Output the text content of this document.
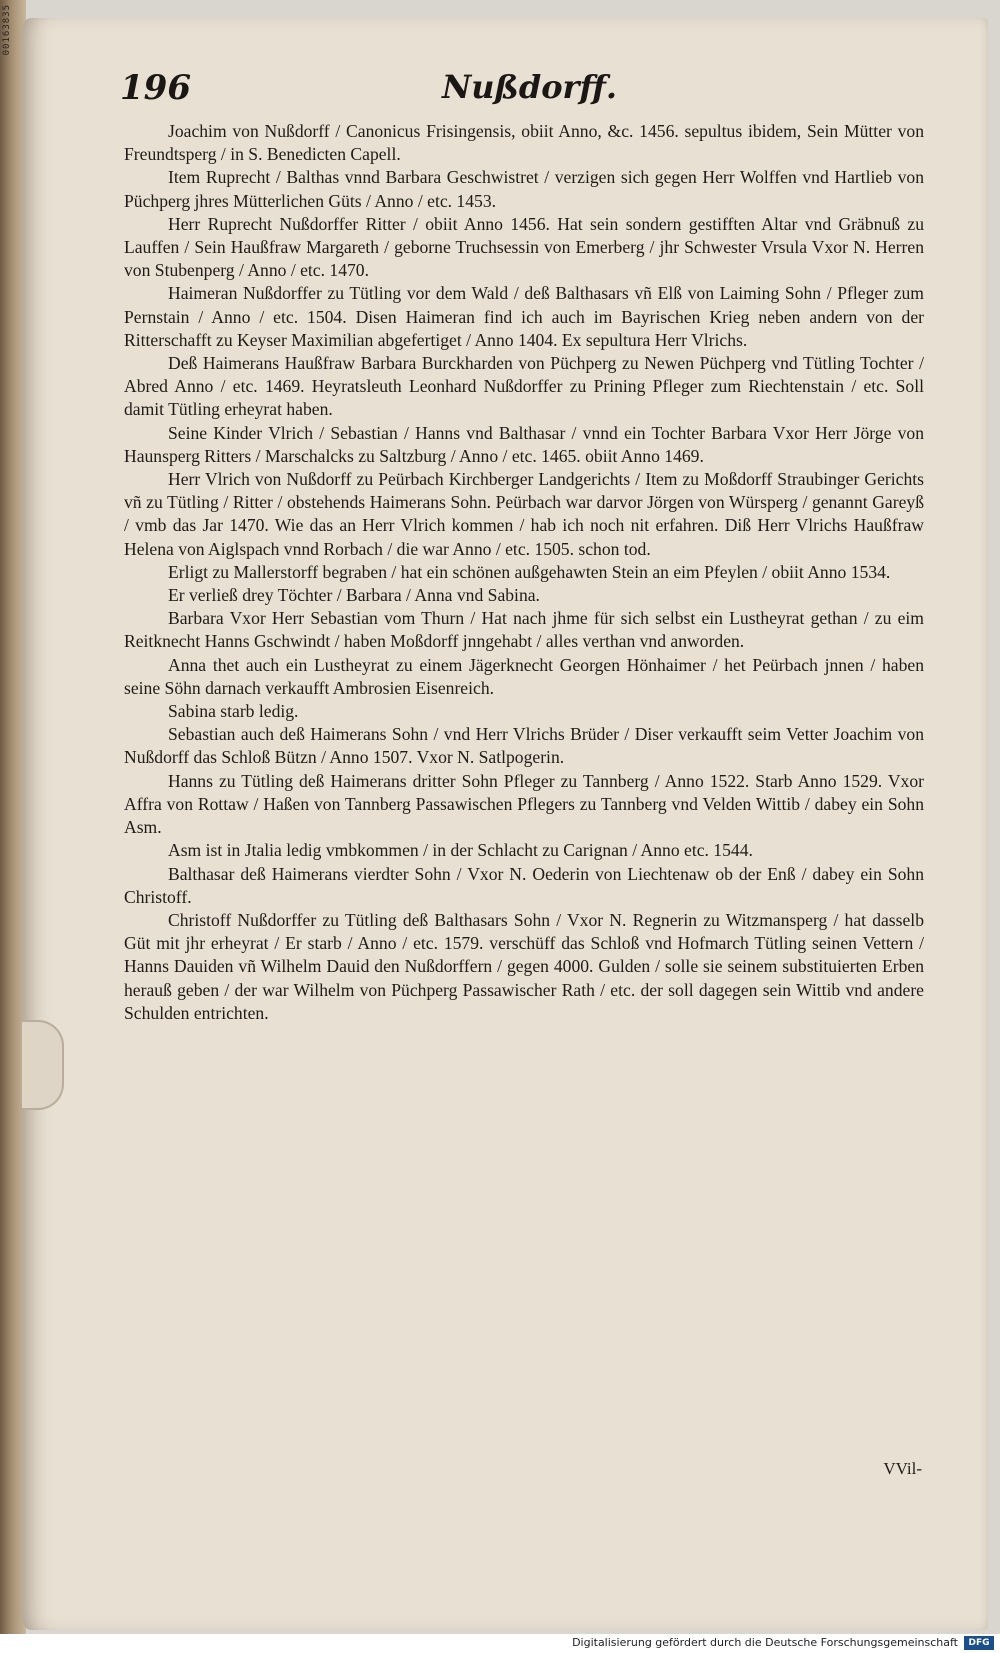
00163835
196	Nußdorff.

Joachim von Nußdorff / Canonicus Frisingensis, obiit Anno, &c. 1456. sepultus ibidem, Sein Mütter von Freundtsperg / in S. Benedicten Capell.

Item Ruprecht / Balthas vnnd Barbara Geschwistret / verzigen sich gegen Herr Wolffen vnd Hartlieb von Püchperg jhres Mütterlichen Güts / Anno / etc. 1453.

Herr Ruprecht Nußdorffer Ritter / obiit Anno 1456. Hat sein sondern gestifften Altar vnd Gräbnuß zu Lauffen / Sein Haußfraw Margareth / geborne Truchsessin von Emerberg / jhr Schwester Vrsula Vxor N. Herren von Stubenperg / Anno / etc. 1470.

Haimeran Nußdorffer zu Tütling vor dem Wald / deß Balthasars vñ Elß von Laiming Sohn / Pfleger zum Pernstain / Anno / etc. 1504. Disen Haimeran find ich auch im Bayrischen Krieg neben andern von der Ritterschafft zu Keyser Maximilian abgefertiget / Anno 1404. Ex sepultura Herr Vlrichs.

Deß Haimerans Haußfraw Barbara Burckharden von Püchperg zu Newen Püchperg vnd Tütling Tochter / Abred Anno / etc. 1469. Heyratsleuth Leonhard Nußdorffer zu Prining Pfleger zum Riechtenstain / etc. Soll damit Tütling erheyrat haben.

Seine Kinder Vlrich / Sebastian / Hanns vnd Balthasar / vnnd ein Tochter Barbara Vxor Herr Jörge von Haunsperg Ritters / Marschalcks zu Saltzburg / Anno / etc. 1465. obiit Anno 1469.

Herr Vlrich von Nußdorff zu Peürbach Kirchberger Landgerichts / Item zu Moßdorff Straubinger Gerichts vñ zu Tütling / Ritter / obstehends Haimerans Sohn. Peürbach war darvor Jörgen von Würsperg / genannt Gareyß / vmb das Jar 1470. Wie das an Herr Vlrich kommen / hab ich noch nit erfahren. Diß Herr Vlrichs Haußfraw Helena von Aiglspach vnnd Rorbach / die war Anno / etc. 1505. schon tod.

Erligt zu Mallerstorff begraben / hat ein schönen außgehawten Stein an eim Pfeylen / obiit Anno 1534.

Er verließ drey Töchter / Barbara / Anna vnd Sabina.

Barbara Vxor Herr Sebastian vom Thurn / Hat nach jhme für sich selbst ein Lustheyrat gethan / zu eim Reitknecht Hanns Gschwindt / haben Moßdorff jnngehabt / alles verthan vnd anworden.

Anna thet auch ein Lustheyrat zu einem Jägerknecht Georgen Hönhaimer / het Peürbach jnnen / haben seine Söhn darnach verkaufft Ambrosien Eisenreich.

Sabina starb ledig.

Sebastian auch deß Haimerans Sohn / vnd Herr Vlrichs Brüder / Diser verkaufft seim Vetter Joachim von Nußdorff das Schloß Bützn / Anno 1507. Vxor N. Satlpogerin.

Hanns zu Tütling deß Haimerans dritter Sohn Pfleger zu Tannberg / Anno 1522. Starb Anno 1529. Vxor Affra von Rottaw / Haßen von Tannberg Passawischen Pflegers zu Tannberg vnd Velden Wittib / dabey ein Sohn Asm.

Asm ist in Jtalia ledig vmbkommen / in der Schlacht zu Carignan / Anno etc. 1544.

Balthasar deß Haimerans vierdter Sohn / Vxor N. Oederin von Liechtenaw ob der Enß / dabey ein Sohn Christoff.

Christoff Nußdorffer zu Tütling deß Balthasars Sohn / Vxor N. Regnerin zu Witzmansperg / hat dasselb Güt mit jhr erheyrat / Er starb / Anno / etc. 1579. verschüff das Schloß vnd Hofmarch Tütling seinen Vettern / Hanns Dauiden vñ Wilhelm Dauid den Nußdorffern / gegen 4000. Gulden / solle sie seinem substituierten Erben herauß geben / der war Wilhelm von Püchperg Passawischer Rath / etc. der soll dagegen sein Wittib vnd andere Schulden entrichten.

VVil-
Digitalisierung gefördert durch die Deutsche Forschungsgemeinschaft	DFG
